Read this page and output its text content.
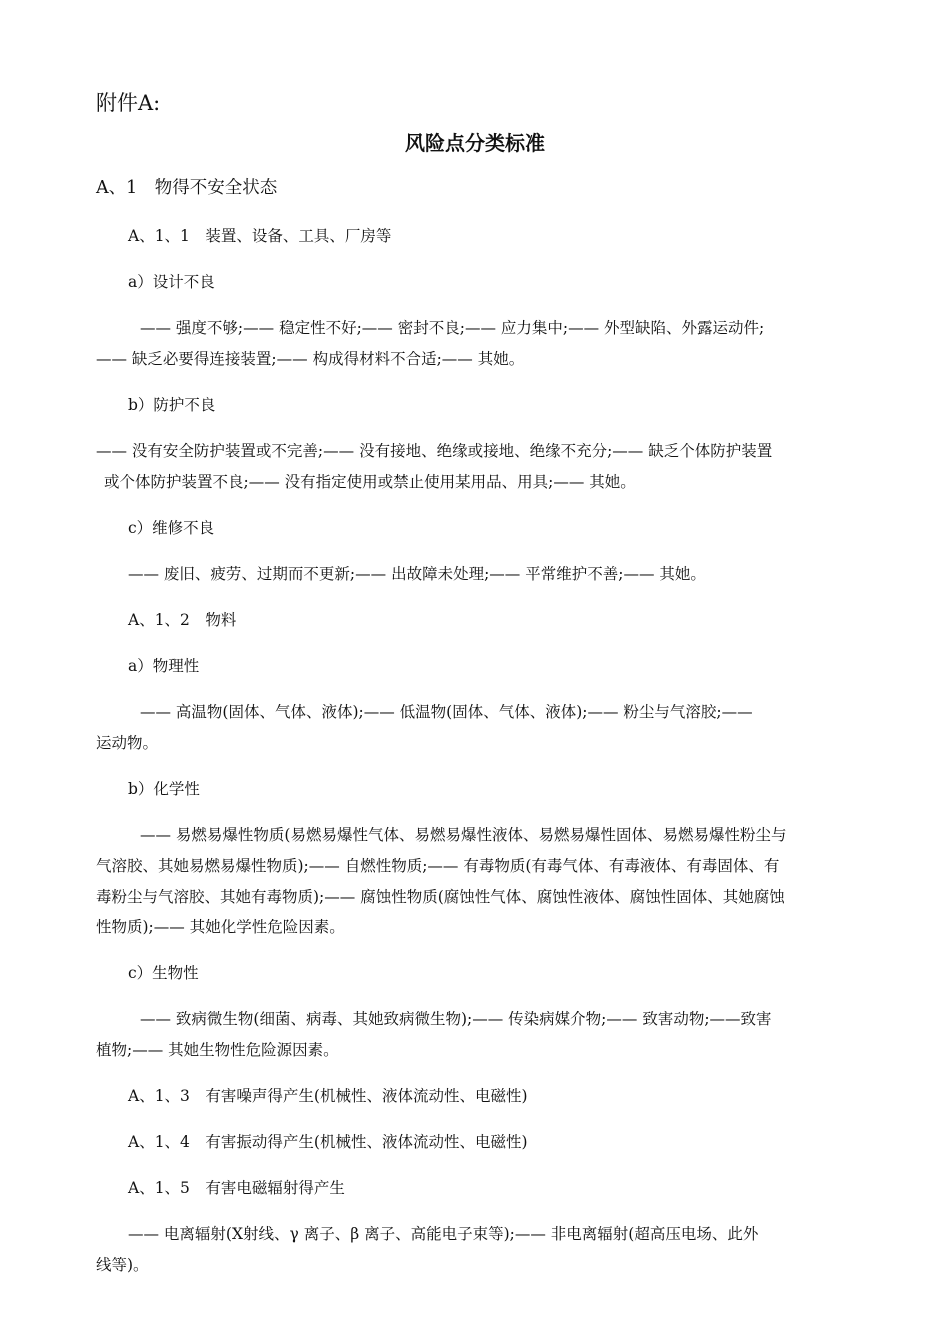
附件A:
风险点分类标准
A、1　物得不安全状态
A、1、1　装置、设备、工具、厂房等
a）设计不良
—— 强度不够;—— 稳定性不好;—— 密封不良;—— 应力集中;—— 外型缺陷、外露运动件;
—— 缺乏必要得连接装置;—— 构成得材料不合适;—— 其她。
b）防护不良
—— 没有安全防护装置或不完善;—— 没有接地、绝缘或接地、绝缘不充分;—— 缺乏个体防护装置
或个体防护装置不良;—— 没有指定使用或禁止使用某用品、用具;—— 其她。
c）维修不良
—— 废旧、疲劳、过期而不更新;—— 出故障未处理;—— 平常维护不善;—— 其她。
A、1、2　物料
a）物理性
—— 高温物(固体、气体、液体);—— 低温物(固体、气体、液体);—— 粉尘与气溶胶;——
运动物。
b）化学性
—— 易燃易爆性物质(易燃易爆性气体、易燃易爆性液体、易燃易爆性固体、易燃易爆性粉尘与
气溶胶、其她易燃易爆性物质);—— 自燃性物质;—— 有毒物质(有毒气体、有毒液体、有毒固体、有
毒粉尘与气溶胶、其她有毒物质);—— 腐蚀性物质(腐蚀性气体、腐蚀性液体、腐蚀性固体、其她腐蚀
性物质);—— 其她化学性危险因素。
c）生物性
—— 致病微生物(细菌、病毒、其她致病微生物);—— 传染病媒介物;—— 致害动物;——致害
植物;—— 其她生物性危险源因素。
A、1、3　有害噪声得产生(机械性、液体流动性、电磁性)
A、1、4　有害振动得产生(机械性、液体流动性、电磁性)
A、1、5　有害电磁辐射得产生
—— 电离辐射(X射线、γ 离子、β 离子、高能电子束等);—— 非电离辐射(超高压电场、此外
线等)。
